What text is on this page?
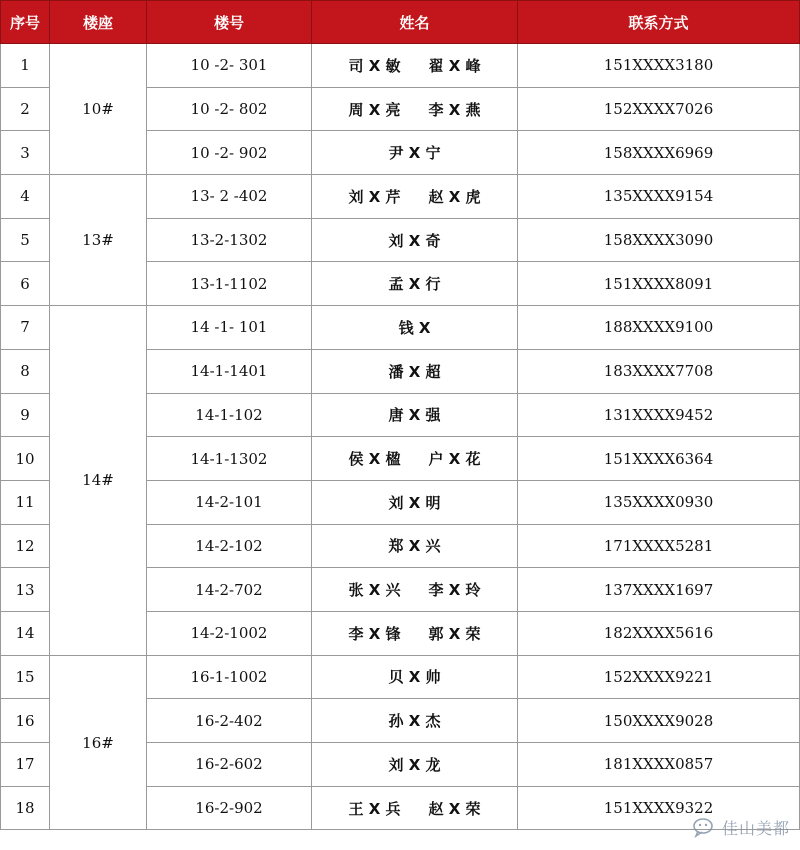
序号	楼座	楼号	姓名	联系方式
1	10#	10 -2- 301	司 X 敏 翟 X 峰	151XXXX3180
2		10 -2- 802	周 X 亮 李 X 燕	152XXXX7026
3		10 -2- 902	尹 X 宁	158XXXX6969
4	13#	13- 2 -402	刘 X 芹 赵 X 虎	135XXXX9154
5		13-2-1302	刘 X 奇	158XXXX3090
6		13-1-1102	孟 X 行	151XXXX8091
7	14#	14 -1- 101	钱 X	188XXXX9100
8		14-1-1401	潘 X 超	183XXXX7708
9		14-1-102	唐 X 强	131XXXX9452
10		14-1-1302	侯 X 楹 户 X 花	151XXXX6364
11		14-2-101	刘 X 明	135XXXX0930
12		14-2-102	郑 X 兴	171XXXX5281
13		14-2-702	张 X 兴 李 X 玲	137XXXX1697
14		14-2-1002	李 X 锋 郭 X 荣	182XXXX5616
15	16#	16-1-1002	贝 X 帅	152XXXX9221
16		16-2-402	孙 X 杰	150XXXX9028
17		16-2-602	刘 X 龙	181XXXX0857
18		16-2-902	王 X 兵 赵 X 荣	151XXXX9322
佳山美都
